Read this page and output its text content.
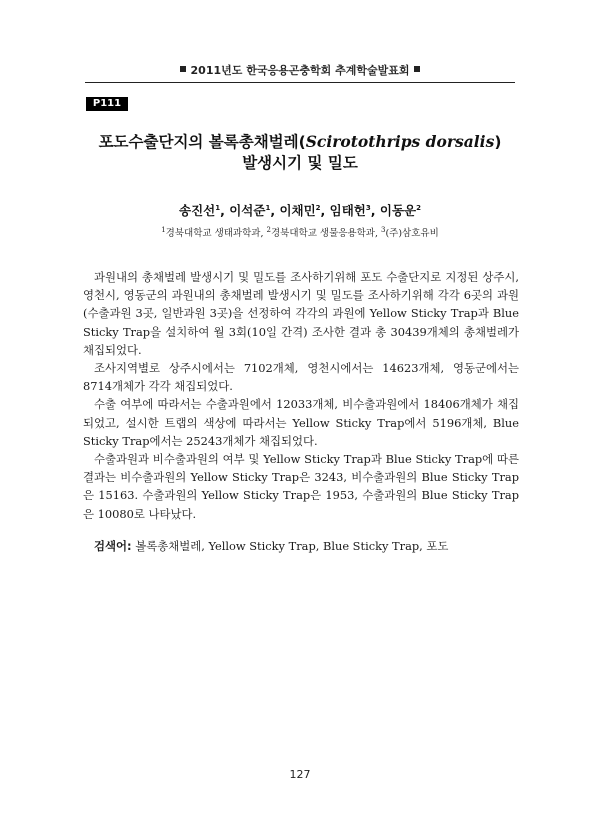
2011년도 한국응용곤충학회 추계학술발표회
P111
포도수출단지의 볼록총채벌레(Scirotothrips dorsalis)
발생시기 및 밀도
송진선$^1$, 이석준$^1$, 이채민$^2$, 임태헌$^3$, 이동운$^2$
$^1$경북대학교 생태과학과, $^2$경북대학교 생물응용학과, $^3$(주)삼호유비

과원내의 총채벌레 발생시기 및 밀도를 조사하기위해 포도 수출단지로 지정된 상주시, 영천시, 영동군의 과원내의 총채벌레 발생시기 및 밀도를 조사하기위해 각각 6곳의 과원(수출과원 3곳, 일반과원 3곳)을 선정하여 각각의 과원에 Yellow Sticky Trap과 Blue Sticky Trap을 설치하여 월 3회(10일 간격) 조사한 결과 총 30439개체의 총채벌레가 채집되었다.

조사지역별로 상주시에서는 7102개체, 영천시에서는 14623개체, 영동군에서는 8714개체가 각각 채집되었다.

수출 여부에 따라서는 수출과원에서 12033개체, 비수출과원에서 18406개체가 채집되었고, 설시한 트랩의 색상에 따라서는 Yellow Sticky Trap에서 5196개체, Blue Sticky Trap에서는 25243개체가 채집되었다.

수출과원과 비수출과원의 여부 및 Yellow Sticky Trap과 Blue Sticky Trap에 따른 결과는 비수출과원의 Yellow Sticky Trap은 3243, 비수출과원의 Blue Sticky Trap은 15163. 수출과원의 Yellow Sticky Trap은 1953, 수출과원의 Blue Sticky Trap은 10080로 나타났다.

검색어: 볼록총채벌레, Yellow Sticky Trap, Blue Sticky Trap, 포도
127
